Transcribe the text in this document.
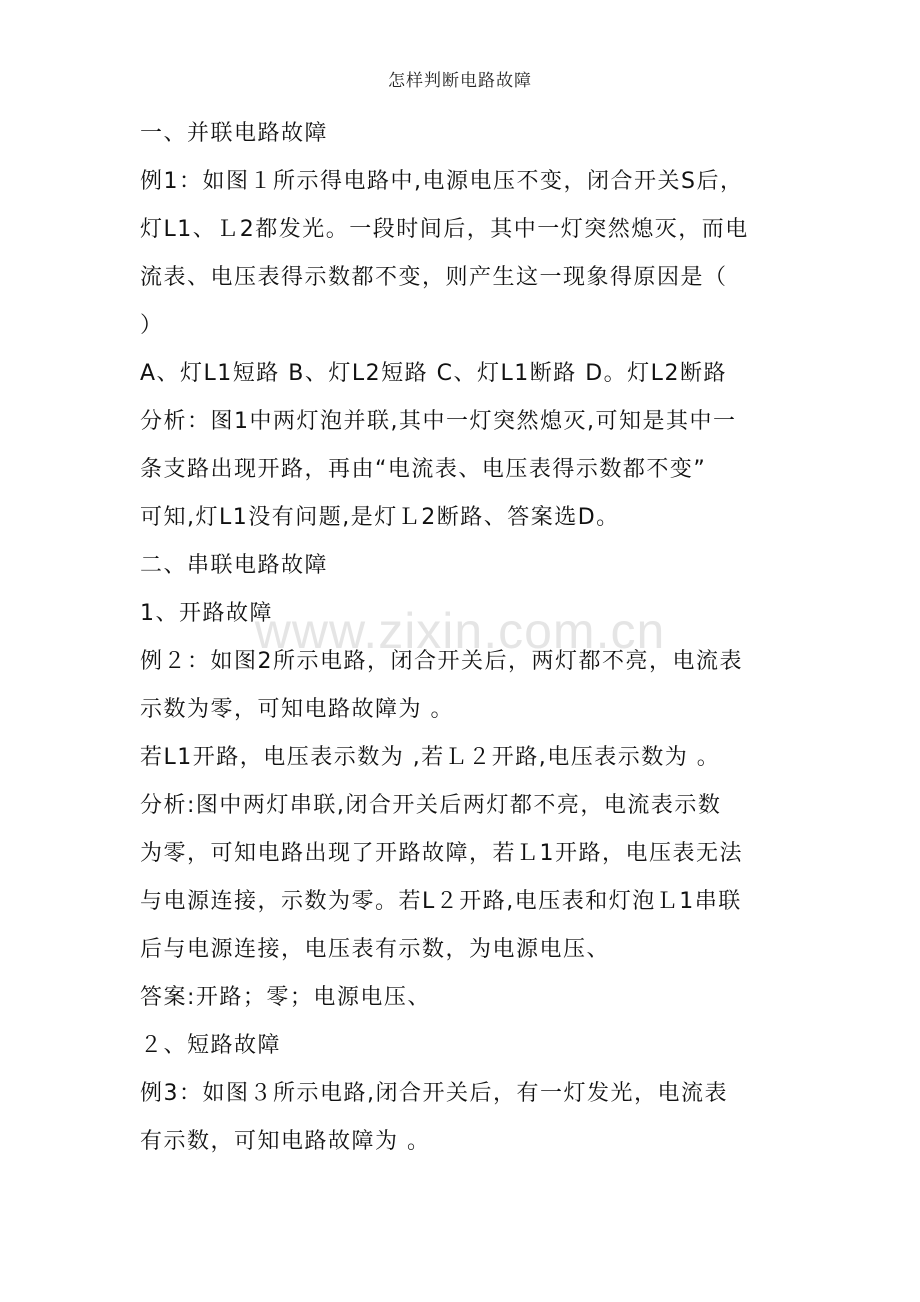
怎样判断电路故障
一、并联电路故障
例1：如图１所示得电路中,电源电压不变，闭合开关S后，
灯L1、Ｌ2都发光。一段时间后，其中一灯突然熄灭，而电
流表、电压表得示数都不变，则产生这一现象得原因是（
）
A、灯L1短路 B、灯L2短路 C、灯L1断路 D。灯L2断路
分析：图1中两灯泡并联,其中一灯突然熄灭,可知是其中一
条支路出现开路，再由“电流表、电压表得示数都不变”
可知,灯L1没有问题,是灯Ｌ2断路、答案选D。
二、串联电路故障
1、开路故障
例２：如图2所示电路，闭合开关后，两灯都不亮，电流表
示数为零，可知电路故障为 。
若L1开路，电压表示数为 ,若Ｌ２开路,电压表示数为 。
分析:图中两灯串联,闭合开关后两灯都不亮，电流表示数
为零，可知电路出现了开路故障，若Ｌ1开路，电压表无法
与电源连接，示数为零。若L２开路,电压表和灯泡Ｌ1串联
后与电源连接，电压表有示数，为电源电压、
答案:开路；零；电源电压、
２、短路故障
例3：如图３所示电路,闭合开关后，有一灯发光，电流表
有示数，可知电路故障为 。
www.zixin.com.cn
